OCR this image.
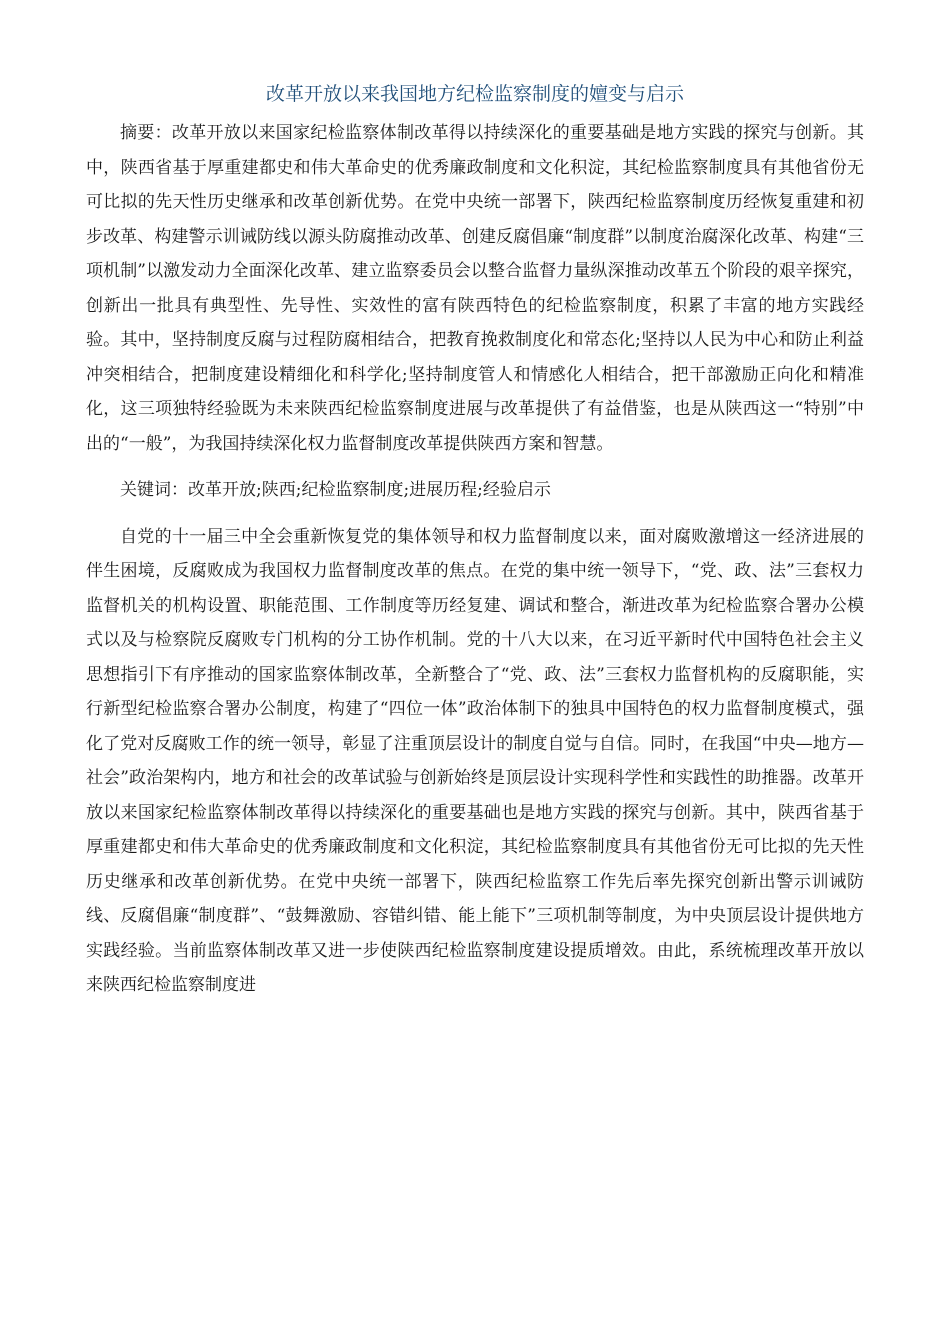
改革开放以来我国地方纪检监察制度的嬗变与启示

摘要：改革开放以来国家纪检监察体制改革得以持续深化的重要基础是地方实践的探究与创新。其中，陕西省基于厚重建都史和伟大革命史的优秀廉政制度和文化积淀，其纪检监察制度具有其他省份无可比拟的先天性历史继承和改革创新优势。在党中央统一部署下，陕西纪检监察制度历经恢复重建和初步改革、构建警示训诫防线以源头防腐推动改革、创建反腐倡廉“制度群”以制度治腐深化改革、构建“三项机制”以激发动力全面深化改革、建立监察委员会以整合监督力量纵深推动改革五个阶段的艰辛探究，创新出一批具有典型性、先导性、实效性的富有陕西特色的纪检监察制度，积累了丰富的地方实践经验。其中，坚持制度反腐与过程防腐相结合，把教育挽救制度化和常态化;坚持以人民为中心和防止利益冲突相结合，把制度建设精细化和科学化;坚持制度管人和情感化人相结合，把干部激励正向化和精准化，这三项独特经验既为未来陕西纪检监察制度进展与改革提供了有益借鉴，也是从陕西这一“特别”中出的“一般”，为我国持续深化权力监督制度改革提供陕西方案和智慧。

关键词：改革开放;陕西;纪检监察制度;进展历程;经验启示

自党的十一届三中全会重新恢复党的集体领导和权力监督制度以来，面对腐败激增这一经济进展的伴生困境，反腐败成为我国权力监督制度改革的焦点。在党的集中统一领导下，“党、政、法”三套权力监督机关的机构设置、职能范围、工作制度等历经复建、调试和整合，渐进改革为纪检监察合署办公模式以及与检察院反腐败专门机构的分工协作机制。党的十八大以来，在习近平新时代中国特色社会主义思想指引下有序推动的国家监察体制改革，全新整合了“党、政、法”三套权力监督机构的反腐职能，实行新型纪检监察合署办公制度，构建了“四位一体”政治体制下的独具中国特色的权力监督制度模式，强化了党对反腐败工作的统一领导，彰显了注重顶层设计的制度自觉与自信。同时，在我国“中央—地方—社会”政治架构内，地方和社会的改革试验与创新始终是顶层设计实现科学性和实践性的助推器。改革开放以来国家纪检监察体制改革得以持续深化的重要基础也是地方实践的探究与创新。其中，陕西省基于厚重建都史和伟大革命史的优秀廉政制度和文化积淀，其纪检监察制度具有其他省份无可比拟的先天性历史继承和改革创新优势。在党中央统一部署下，陕西纪检监察工作先后率先探究创新出警示训诫防线、反腐倡廉“制度群”、“鼓舞激励、容错纠错、能上能下”三项机制等制度，为中央顶层设计提供地方实践经验。当前监察体制改革又进一步使陕西纪检监察制度建设提质增效。由此，系统梳理改革开放以来陕西纪检监察制度进
